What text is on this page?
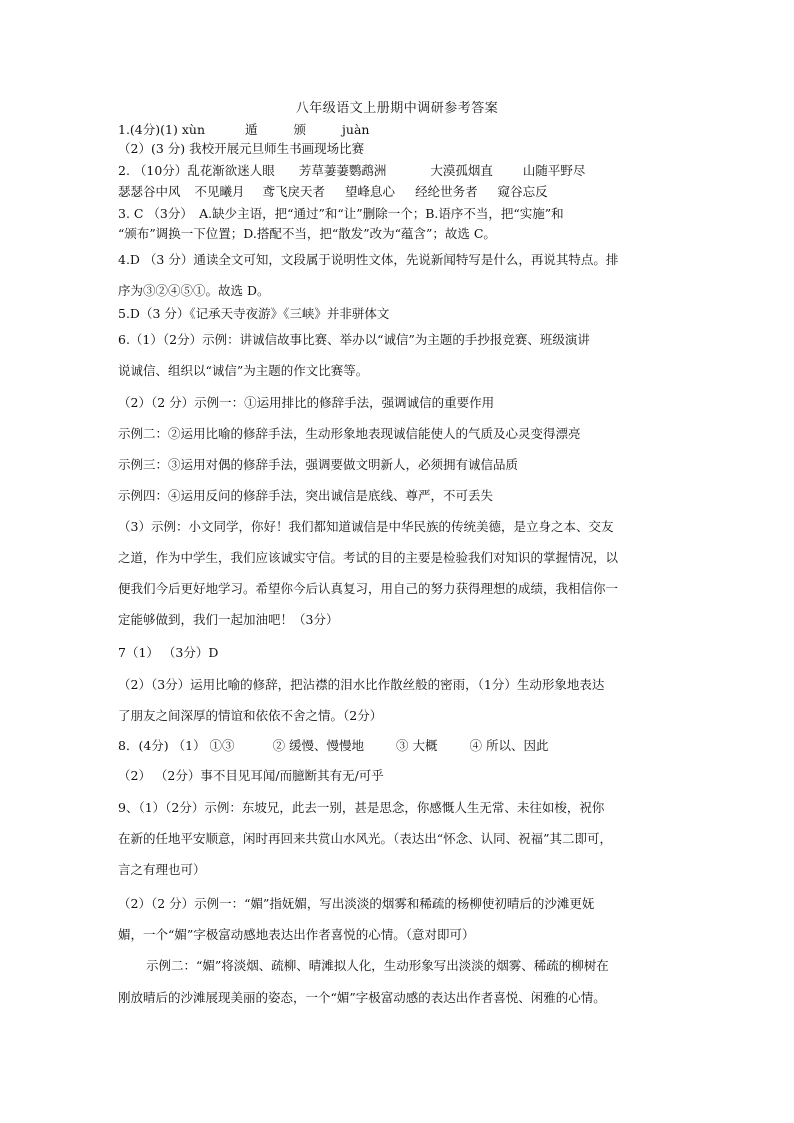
八年级语文上册期中调研参考答案
1.(4分)(1) xùn	遁	颁	juàn
（2）(3 分) 我校开展元旦师生书画现场比赛
2. （10分）乱花渐欲迷人眼 芳草萋萋鹦鹉洲	大漠孤烟直 山随平野尽
瑟瑟谷中风 不见曦月 鸢飞戾天者 望峰息心 经纶世务者 窥谷忘反
3. C （3分）　A.缺少主语，把“通过”和“让”删除一个；B.语序不当，把“实施”和
“颁布”调换一下位置；D.搭配不当，把“散发”改为“蕴含”；故选 C。
4.D （3 分）通读全文可知，文段属于说明性文体，先说新闻特写是什么，再说其特点。排
序为③②④⑤①。故选 D。
5.D（3 分）《记承天寺夜游》《三峡》并非骈体文
6.（1）（2分）示例：讲诚信故事比赛、举办以“诚信”为主题的手抄报竞赛、班级演讲
说诚信、组织以“诚信”为主题的作文比赛等。
（2）（2 分）示例一：①运用排比的修辞手法，强调诚信的重要作用
示例二：②运用比喻的修辞手法，生动形象地表现诚信能使人的气质及心灵变得漂亮
示例三：③运用对偶的修辞手法，强调要做文明新人，必须拥有诚信品质
示例四：④运用反问的修辞手法，突出诚信是底线、尊严，不可丢失
（3）示例：小文同学，你好！我们都知道诚信是中华民族的传统美德，是立身之本、交友
之道，作为中学生，我们应该诚实守信。考试的目的主要是检验我们对知识的掌握情况，以
便我们今后更好地学习。希望你今后认真复习，用自己的努力获得理想的成绩，我相信你一
定能够做到，我们一起加油吧！（3分）
7（1） （3分）D
（2）（3分）运用比喻的修辞，把沾襟的泪水比作散丝般的密雨，（1分）生动形象地表达
了朋友之间深厚的情谊和依依不舍之情。（2分）
8．(4分) （1） ①③	② 缓慢、慢慢地	③ 大概	④ 所以、因此
（2） （2分）事不目见耳闻/而臆断其有无/可乎
9、（1）（2分）示例：东坡兄，此去一别，甚是思念，你感慨人生无常、未往如梭，祝你
在新的任地平安顺意，闲时再回来共赏山水风光。（表达出“怀念、认同、祝福”其二即可，
言之有理也可）
（2）（2 分）示例一：“媚”指妩媚，写出淡淡的烟雾和稀疏的杨柳使初晴后的沙滩更妩
媚，一个“媚”字极富动感地表达出作者喜悦的心情。（意对即可）
示例二：“媚”将淡烟、疏柳、晴滩拟人化，生动形象写出淡淡的烟雾、稀疏的柳树在
刚放晴后的沙滩展现美丽的姿态，一个“媚”字极富动感的表达出作者喜悦、闲雅的心情。
